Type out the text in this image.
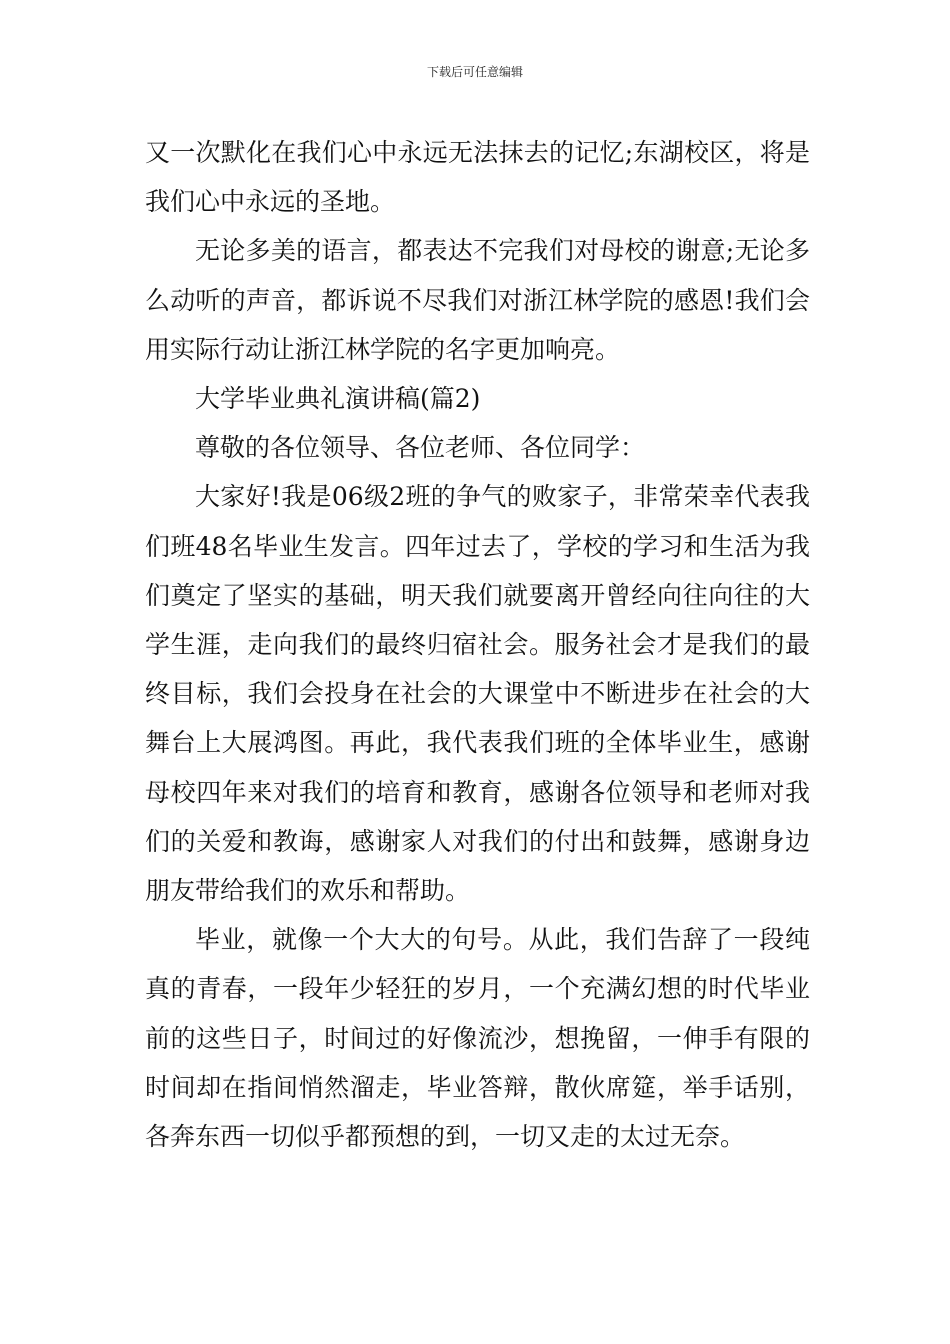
下载后可任意编辑

又一次默化在我们心中永远无法抹去的记忆;东湖校区，将是我们心中永远的圣地。

无论多美的语言，都表达不完我们对母校的谢意;无论多么动听的声音，都诉说不尽我们对浙江林学院的感恩!我们会用实际行动让浙江林学院的名字更加响亮。

大学毕业典礼演讲稿(篇2)

尊敬的各位领导、各位老师、各位同学：

大家好!我是06级2班的争气的败家子，非常荣幸代表我们班48名毕业生发言。四年过去了，学校的学习和生活为我们奠定了坚实的基础，明天我们就要离开曾经向往向往的大学生涯，走向我们的最终归宿社会。服务社会才是我们的最终目标，我们会投身在社会的大课堂中不断进步在社会的大舞台上大展鸿图。再此，我代表我们班的全体毕业生，感谢母校四年来对我们的培育和教育，感谢各位领导和老师对我们的关爱和教诲，感谢家人对我们的付出和鼓舞，感谢身边朋友带给我们的欢乐和帮助。

毕业，就像一个大大的句号。从此，我们告辞了一段纯真的青春，一段年少轻狂的岁月，一个充满幻想的时代毕业前的这些日子，时间过的好像流沙，想挽留，一伸手有限的时间却在指间悄然溜走，毕业答辩，散伙席筵，举手话别，各奔东西一切似乎都预想的到，一切又走的太过无奈。
